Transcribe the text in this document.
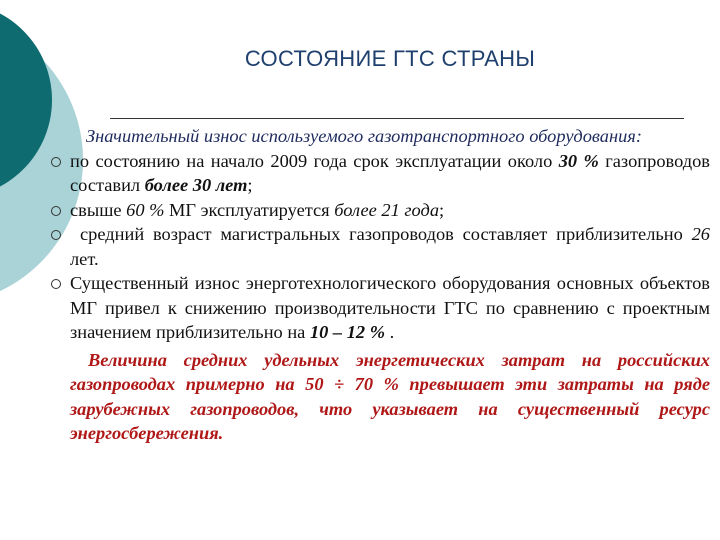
СОСТОЯНИЕ ГТС СТРАНЫ

Значительный износ используемого газотранспортного оборудования:

по состоянию на начало 2009 года срок эксплуатации около 30 % газопроводов составил более 30 лет;

свыше 60 % МГ эксплуатируется более 21 года;

средний возраст магистральных газопроводов составляет приблизительно 26 лет.

Существенный износ энерготехнологического оборудования основных объектов МГ привел к снижению производительности ГТС по сравнению с проектным значением приблизительно на 10 – 12 % .

Величина средних удельных энергетических затрат на российских газопроводах примерно на 50 ÷ 70 % превышает эти затраты на ряде зарубежных газопроводов, что указывает на существенный ресурс энергосбережения.
